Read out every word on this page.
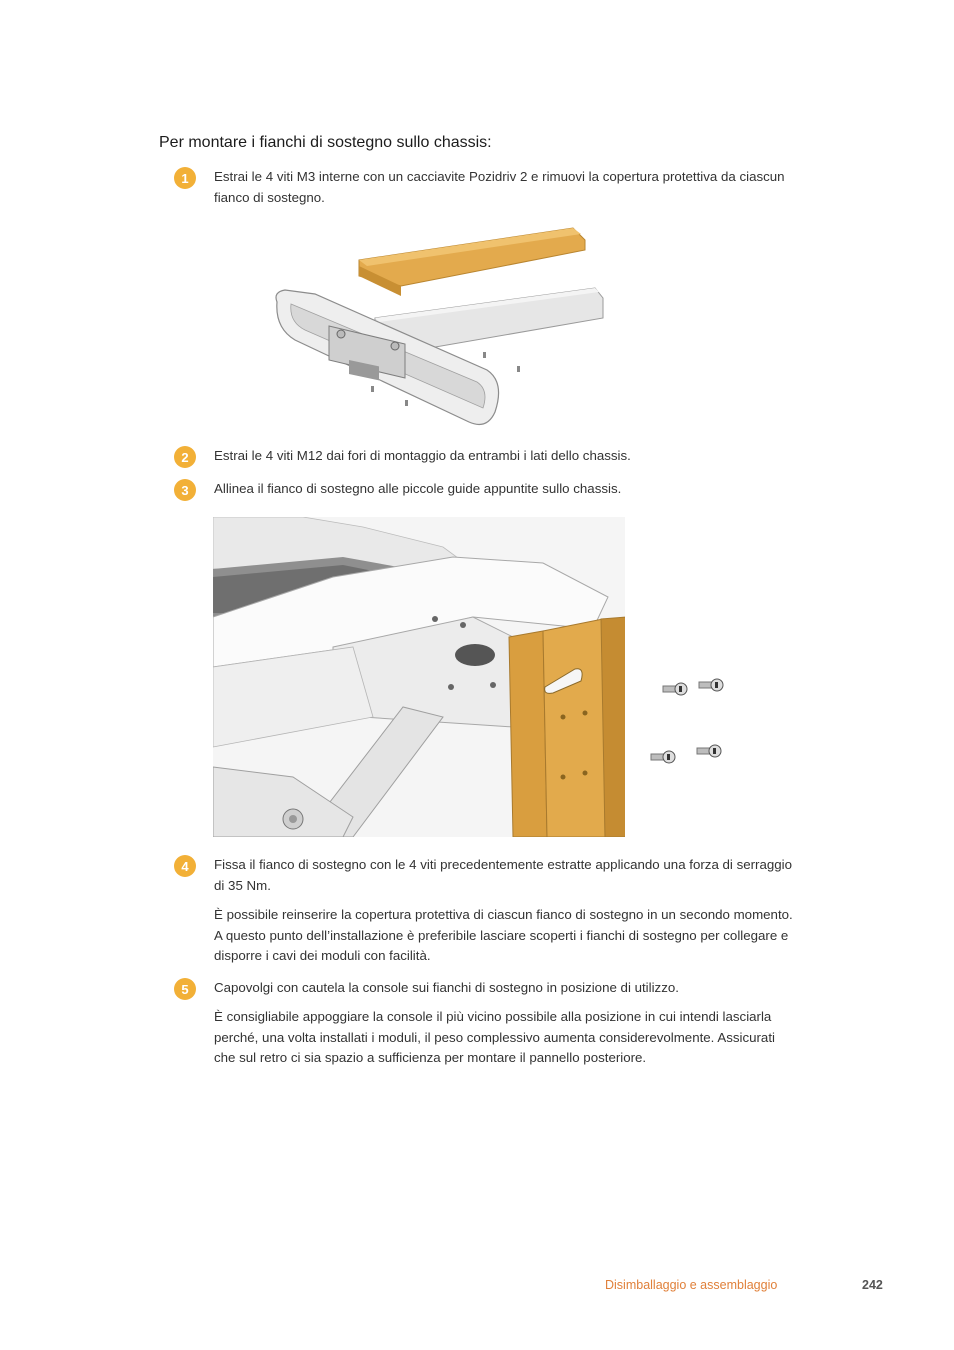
Per montare i fianchi di sostegno sullo chassis:
1	Estrai le 4 viti M3 interne con un cacciavite Pozidriv 2 e rimuovi la copertura protettiva da ciascun fianco di sostegno.
2	Estrai le 4 viti M12 dai fori di montaggio da entrambi i lati dello chassis.
3	Allinea il fianco di sostegno alle piccole guide appuntite sullo chassis.
4	Fissa il fianco di sostegno con le 4 viti precedentemente estratte applicando una forza di serraggio di 35 Nm.
È possibile reinserire la copertura protettiva di ciascun fianco di sostegno in un secondo momento. A questo punto dell’installazione è preferibile lasciare scoperti i fianchi di sostegno per collegare e disporre i cavi dei moduli con facilità.
5	Capovolgi con cautela la console sui fianchi di sostegno in posizione di utilizzo.
È consigliabile appoggiare la console il più vicino possibile alla posizione in cui intendi lasciarla perché, una volta installati i moduli, il peso complessivo aumenta considerevolmente. Assicurati che sul retro ci sia spazio a sufficienza per montare il pannello posteriore.
Disimballaggio e assemblaggio	242
